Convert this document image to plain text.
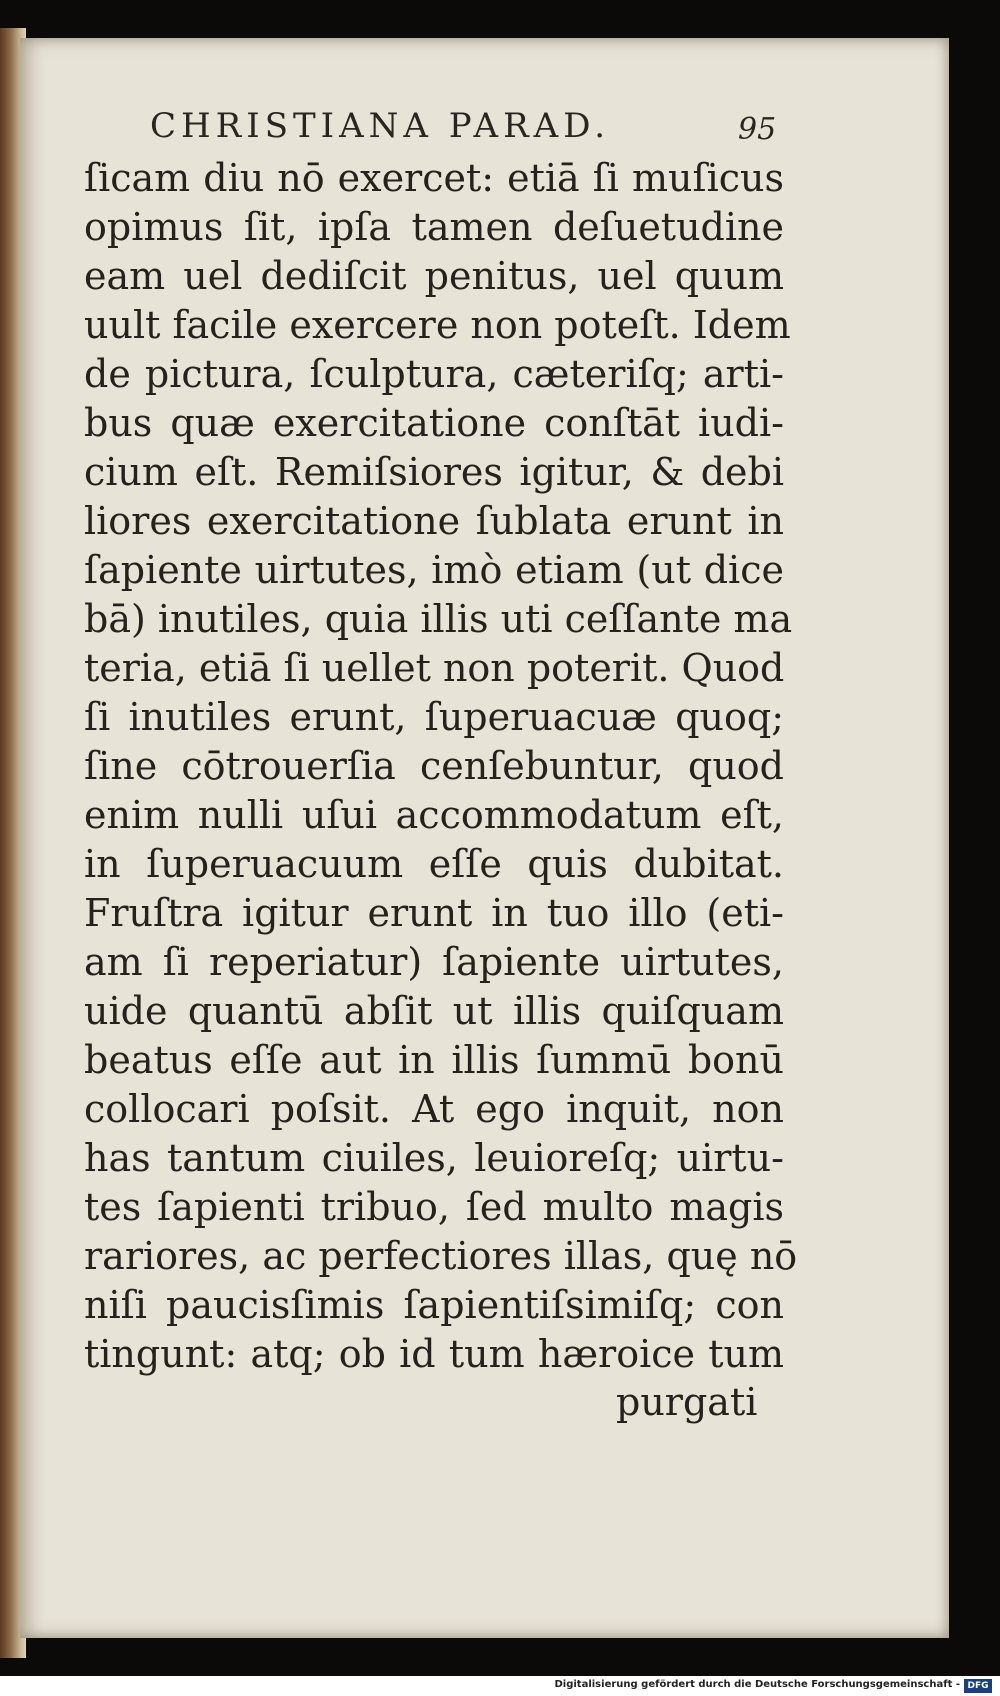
CHRISTIANA PARAD.	95
ſicam diu nō exercet: etiā ſi muſicus
opimus ſit, ipſa tamen deſuetudine
eam uel dediſcit penitus, uel quum
uult facile exercere non poteſt. Idem
de pictura, ſculptura, cæteriſq; arti-
bus quæ exercitatione conſtāt iudi-
cium eſt. Remiſsiores igitur, & debi
liores exercitatione ſublata erunt in
ſapiente uirtutes, imò etiam (ut dice
bā) inutiles, quia illis uti ceſſante ma
teria, etiā ſi uellet non poterit. Quod
ſi inutiles erunt, ſuperuacuæ quoq;
ſine cōtrouerſia cenſebuntur, quod
enim nulli uſui accommodatum eſt,
in ſuperuacuum eſſe quis dubitat.
Fruſtra igitur erunt in tuo illo (eti-
am ſi reperiatur) ſapiente uirtutes,
uide quantū abſit ut illis quiſquam
beatus eſſe aut in illis ſummū bonū
collocari poſsit. At ego inquit, non
has tantum ciuiles, leuioreſq; uirtu-
tes ſapienti tribuo, ſed multo magis
rariores, ac perfectiores illas, quę nō
niſi paucisſimis ſapientiſsimiſq; con
tingunt: atq; ob id tum hæroice tum
purgati
Digitalisierung gefördert durch die Deutsche Forschungsgemeinschaft - DFG
